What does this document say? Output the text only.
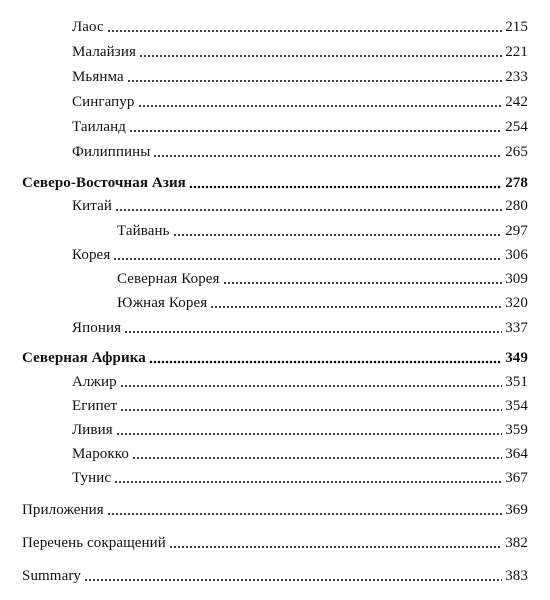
Лаос	215
Малайзия	221
Мьянма	233
Сингапур	242
Таиланд	254
Филиппины	265
Северо-Восточная Азия	278
Китай	280
Тайвань	297
Корея	306
Северная Корея	309
Южная Корея	320
Япония	337
Северная Африка	349
Алжир	351
Египет	354
Ливия	359
Марокко	364
Тунис	367
Приложения	369
Перечень сокращений	382
Summary	383
